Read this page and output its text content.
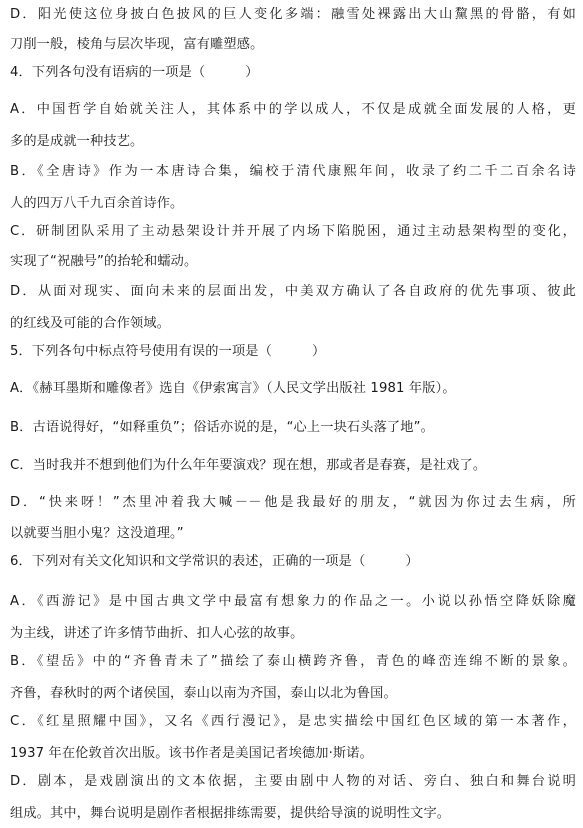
D．阳光使这位身披白色披风的巨人变化多端：融雪处裸露出大山黧黑的骨骼，有如
刀削一般，棱角与层次毕现，富有雕塑感。
4．下列各句没有语病的一项是（　　　）
A．中国哲学自始就关注人，其体系中的学以成人，不仅是成就全面发展的人格，更
多的是成就一种技艺。
B．《全唐诗》作为一本唐诗合集，编校于清代康熙年间，收录了约二千二百余名诗
人的四万八千九百余首诗作。
C．研制团队采用了主动悬架设计并开展了内场下陷脱困，通过主动悬架构型的变化，
实现了“祝融号”的抬轮和蠕动。
D．从面对现实、面向未来的层面出发，中美双方确认了各自政府的优先事项、彼此
的红线及可能的合作领域。
5．下列各句中标点符号使用有误的一项是（　　　）
A．《赫耳墨斯和雕像者》选自《伊索寓言》（人民文学出版社 1981 年版）。
B．古语说得好，“如释重负”；俗话亦说的是，“心上一块石头落了地”。
C．当时我并不想到他们为什么年年要演戏？现在想，那或者是春赛，是社戏了。
D．“快来呀！”杰里冲着我大喊－－他是我最好的朋友，“就因为你过去生病，所
以就要当胆小鬼？这没道理。”
6．下列对有关文化知识和文学常识的表述，正确的一项是（　　　）
A．《西游记》是中国古典文学中最富有想象力的作品之一。小说以孙悟空降妖除魔
为主线，讲述了许多情节曲折、扣人心弦的故事。
B．《望岳》中的“齐鲁青未了”描绘了泰山横跨齐鲁，青色的峰峦连绵不断的景象。
齐鲁，春秋时的两个诸侯国，泰山以南为齐国，泰山以北为鲁国。
C．《红星照耀中国》，又名《西行漫记》，是忠实描绘中国红色区域的第一本著作，
1937 年在伦敦首次出版。该书作者是美国记者埃德加·斯诺。
D．剧本，是戏剧演出的文本依据，主要由剧中人物的对话、旁白、独白和舞台说明
组成。其中，舞台说明是剧作者根据排练需要，提供给导演的说明性文字。
